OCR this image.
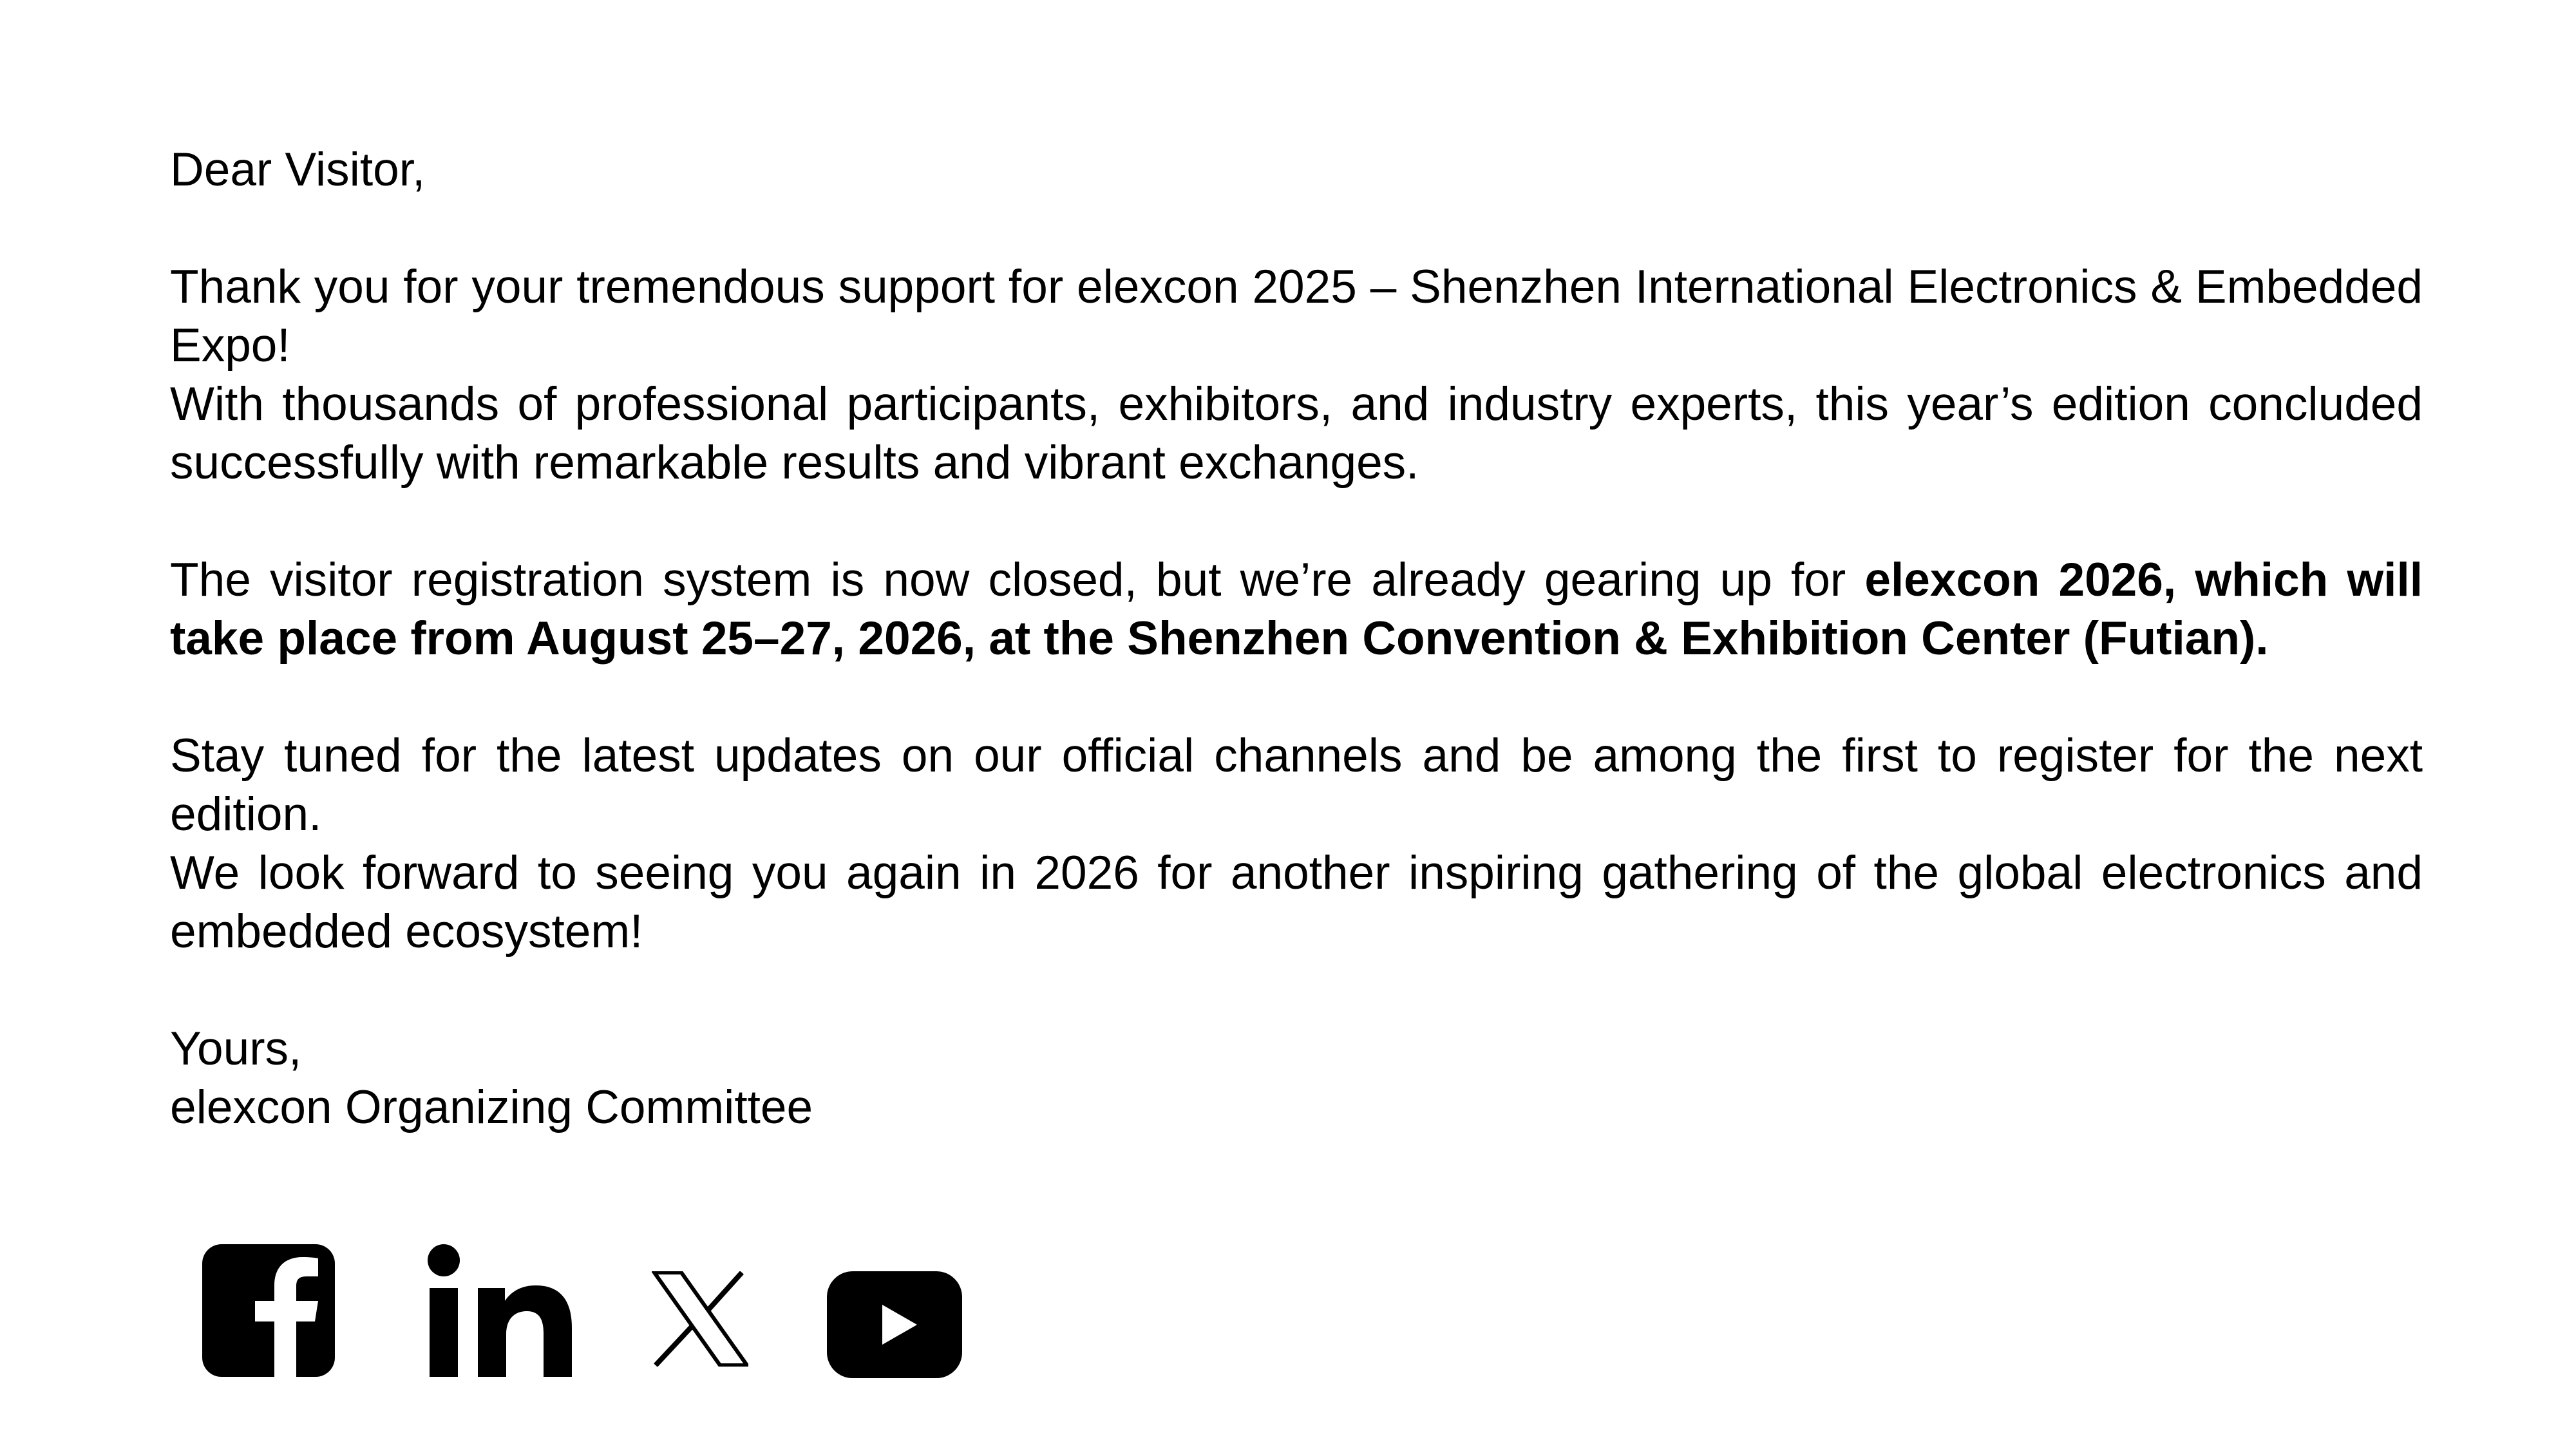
Dear Visitor,

Thank you for your tremendous support for elexcon 2025 – Shenzhen International Electronics & Embedded Expo!

With thousands of professional participants, exhibitors, and industry experts, this year’s edition concluded successfully with remarkable results and vibrant exchanges.

The visitor registration system is now closed, but we’re already gearing up for elexcon 2026, which will take place from August 25–27, 2026, at the Shenzhen Convention & Exhibition Center (Futian).

Stay tuned for the latest updates on our official channels and be among the first to register for the next edition.

We look forward to seeing you again in 2026 for another inspiring gathering of the global electronics and embedded ecosystem!

Yours,

elexcon Organizing Committee
